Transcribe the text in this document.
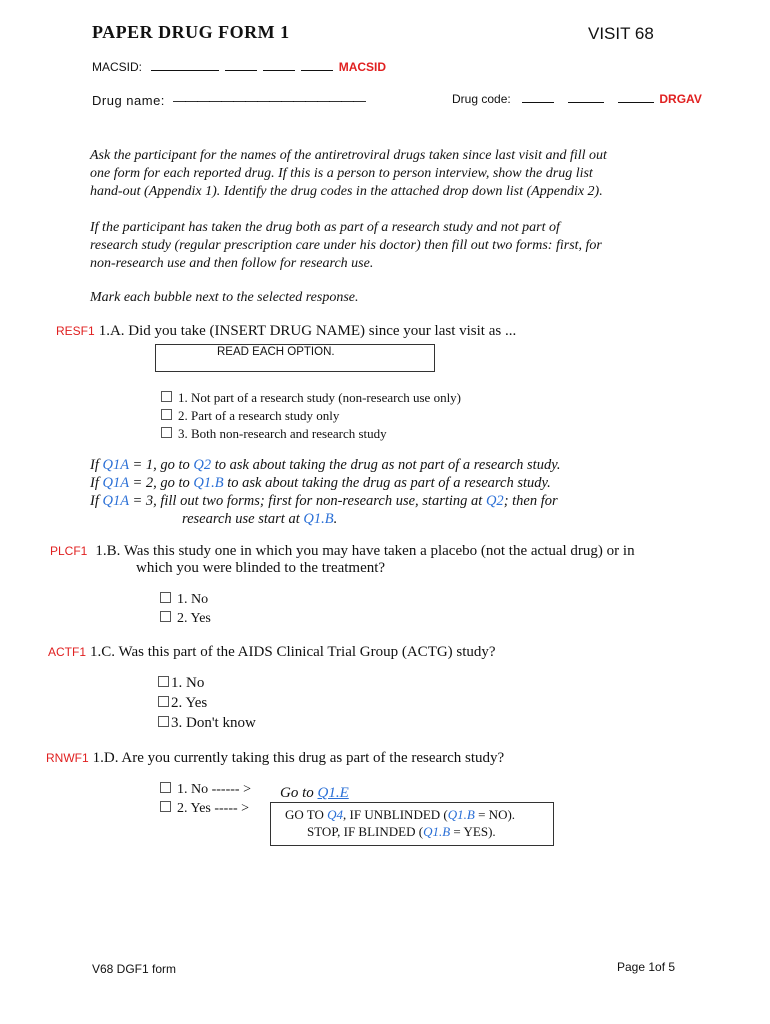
PAPER DRUG FORM 1	VISIT 68
MACSID:	MACSID
Drug name: ————————————————	Drug code:	DRGAV
Ask the participant for the names of the antiretroviral drugs taken since last visit and fill out
one form for each reported drug. If this is a person to person interview, show the drug list
hand-out (Appendix 1). Identify the drug codes in the attached drop down list (Appendix 2).
If the participant has taken the drug both as part of a research study and not part of
research study (regular prescription care under his doctor) then fill out two forms: first, for
non-research use and then follow for research use.
Mark each bubble next to the selected response.
RESF1 1.A. Did you take (INSERT DRUG NAME) since your last visit as ...
READ EACH OPTION.
1. Not part of a research study (non-research use only)
2. Part of a research study only
3. Both non-research and research study
If Q1A = 1, go to Q2 to ask about taking the drug as not part of a research study.
If Q1A = 2, go to Q1.B to ask about taking the drug as part of a research study.
If Q1A = 3, fill out two forms; first for non-research use, starting at Q2; then for
research use start at Q1.B.
PLCF1 1.B. Was this study one in which you may have taken a placebo (not the actual drug) or in
which you were blinded to the treatment?
1. No
2. Yes
ACTF1 1.C. Was this part of the AIDS Clinical Trial Group (ACTG) study?
1. No
2. Yes
3. Don't know
RNWF1 1.D. Are you currently taking this drug as part of the research study?
1. No ------ >
2. Yes ----- >
Go to Q1.E
GO TO Q4, IF UNBLINDED (Q1.B = NO).
STOP, IF BLINDED (Q1.B = YES).
V68 DGF1 form	Page 1of 5
